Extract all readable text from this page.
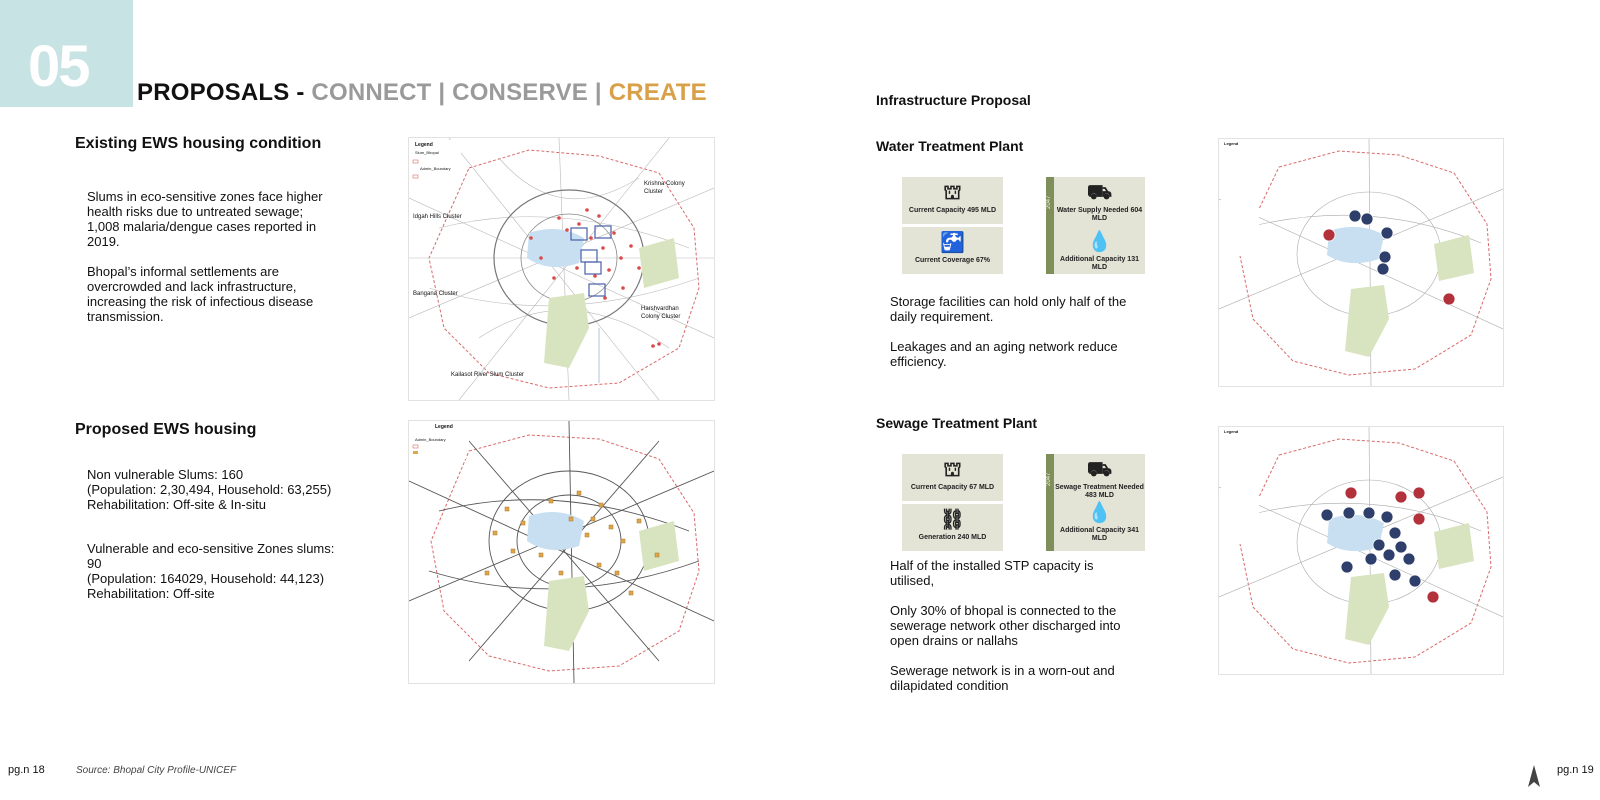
05 PROPOSALS - CONNECT | CONSERVE | CREATE
Existing EWS housing condition
Slums in eco-sensitive zones face higher
health risks due to untreated sewage;
1,008 malaria/dengue cases reported in
2019.

Bhopal’s informal settlements are
overcrowded and lack infrastructure,
increasing the risk of infectious disease
transmission.
Proposed EWS housing
Non vulnerable Slums: 160
(Population: 2,30,494, Household: 63,255)
Rehabilitation: Off-site & In-situ
Vulnerable and eco-sensitive Zones slums:
90
(Population: 164029, Household: 44,123)
Rehabilitation: Off-site
Legend
Slum_Bhopal
Admin_Boundary
Krishna Colony Cluster
Idgah Hills Cluster
Bangana Cluster
Harshvardhan Colony Cluster
Kailasot River Slum Cluster
Legend
Admin_Boundary
Infrastructure Proposal
Water Treatment Plant
⛫
Current Capacity 495 MLD
🚰
Current Coverage 67%
2047	⛟
Water Supply Needed 604 MLD
💧
Additional Capacity 131 MLD
Storage facilities can hold only half of the
daily requirement.

Leakages and an aging network reduce
efficiency.
Sewage Treatment Plant
⛫
Current Capacity 67 MLD
⛓
Generation 240 MLD
2047	⛟
Sewage Treatment Needed 483 MLD
💧
Additional Capacity 341 MLD
Half of the installed STP capacity is
utilised,

Only 30% of bhopal is connected to the
sewerage network other discharged into
open drains or nallahs

Sewerage network is in a worn-out and
dilapidated condition
Legend
Legend
pg.n 18	Source: Bhopal City Profile-UNICEF	pg.n 19
